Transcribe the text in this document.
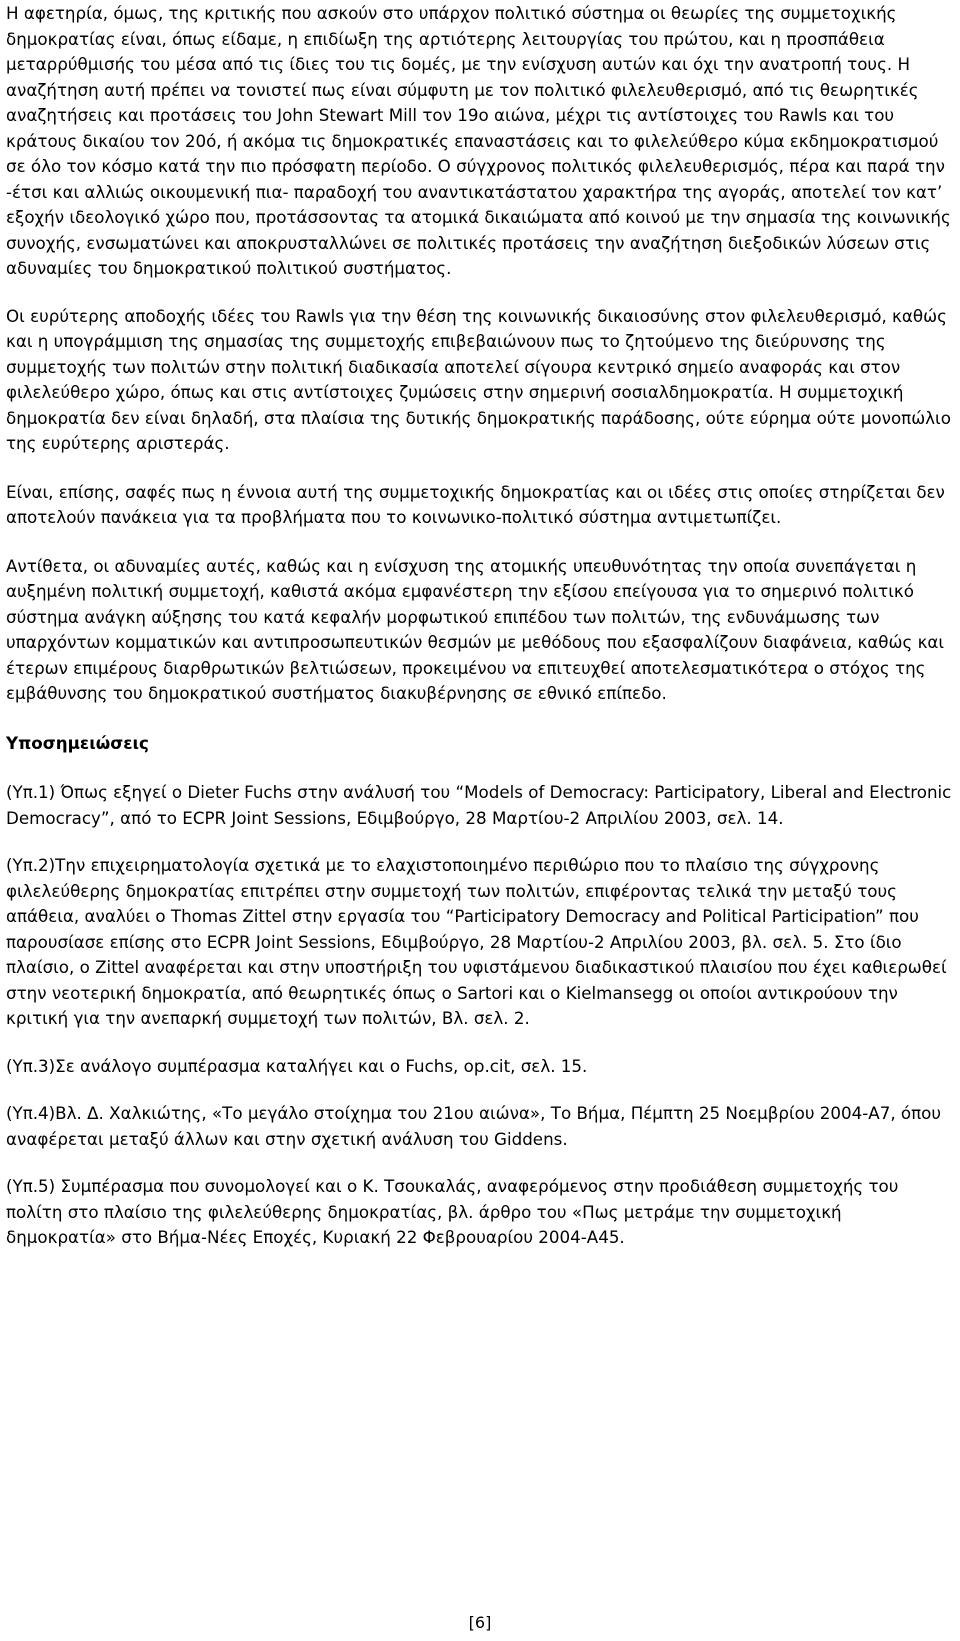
Η αφετηρία, όμως, της κριτικής που ασκούν στο υπάρχον πολιτικό σύστημα οι θεωρίες της συμμετοχικής δημοκρατίας είναι, όπως είδαμε, η επιδίωξη της αρτιότερης λειτουργίας του πρώτου, και η προσπάθεια μεταρρύθμισής του μέσα από τις ίδιες του τις δομές, με την ενίσχυση αυτών και όχι την ανατροπή τους. Η αναζήτηση αυτή πρέπει να τονιστεί πως είναι σύμφυτη με τον πολιτικό φιλελευθερισμό, από τις θεωρητικές αναζητήσεις και προτάσεις του John Stewart Mill τον 19ο αιώνα, μέχρι τις αντίστοιχες του Rawls και του κράτους δικαίου τον 20ό, ή ακόμα τις δημοκρατικές επαναστάσεις και το φιλελεύθερο κύμα εκδημοκρατισμού σε όλο τον κόσμο κατά την πιο πρόσφατη περίοδο. Ο σύγχρονος πολιτικός φιλελευθερισμός, πέρα και παρά την -έτσι και αλλιώς οικουμενική πια- παραδοχή του αναντικατάστατου χαρακτήρα της αγοράς, αποτελεί τον κατ’ εξοχήν ιδεολογικό χώρο που, προτάσσοντας τα ατομικά δικαιώματα από κοινού με την σημασία της κοινωνικής συνοχής, ενσωματώνει και αποκρυσταλλώνει σε πολιτικές προτάσεις την αναζήτηση διεξοδικών λύσεων στις αδυναμίες του δημοκρατικού πολιτικού συστήματος.

Οι ευρύτερης αποδοχής ιδέες του Rawls για την θέση της κοινωνικής δικαιοσύνης στον φιλελευθερισμό, καθώς και η υπογράμμιση της σημασίας της συμμετοχής επιβεβαιώνουν πως το ζητούμενο της διεύρυνσης της συμμετοχής των πολιτών στην πολιτική διαδικασία αποτελεί σίγουρα κεντρικό σημείο αναφοράς και στον φιλελεύθερο χώρο, όπως και στις αντίστοιχες ζυμώσεις στην σημερινή σοσιαλδημοκρατία. Η συμμετοχική δημοκρατία δεν είναι δηλαδή, στα πλαίσια της δυτικής δημοκρατικής παράδοσης, ούτε εύρημα ούτε μονοπώλιο της ευρύτερης αριστεράς.

Είναι, επίσης, σαφές πως η έννοια αυτή της συμμετοχικής δημοκρατίας και οι ιδέες στις οποίες στηρίζεται δεν αποτελούν πανάκεια για τα προβλήματα που το κοινωνικο-πολιτικό σύστημα αντιμετωπίζει.

Αντίθετα, οι αδυναμίες αυτές, καθώς και η ενίσχυση της ατομικής υπευθυνότητας την οποία συνεπάγεται η αυξημένη πολιτική συμμετοχή, καθιστά ακόμα εμφανέστερη την εξίσου επείγουσα για το σημερινό πολιτικό σύστημα ανάγκη αύξησης του κατά κεφαλήν μορφωτικού επιπέδου των πολιτών, της ενδυνάμωσης των υπαρχόντων κομματικών και αντιπροσωπευτικών θεσμών με μεθόδους που εξασφαλίζουν διαφάνεια, καθώς και έτερων επιμέρους διαρθρωτικών βελτιώσεων, προκειμένου να επιτευχθεί αποτελεσματικότερα ο στόχος της εμβάθυνσης του δημοκρατικού συστήματος διακυβέρνησης σε εθνικό επίπεδο.

Υποσημειώσεις

(Υπ.1) Όπως εξηγεί ο Dieter Fuchs στην ανάλυσή του “Models of Democracy: Participatory, Liberal and Electronic Democracy”, από το ECPR Joint Sessions, Εδιμβούργο, 28 Μαρτίου-2 Απριλίου 2003, σελ. 14.

(Υπ.2)Την επιχειρηματολογία σχετικά με το ελαχιστοποιημένο περιθώριο που το πλαίσιο της σύγχρονης φιλελεύθερης δημοκρατίας επιτρέπει στην συμμετοχή των πολιτών, επιφέροντας τελικά την μεταξύ τους απάθεια, αναλύει ο Thomas Zittel στην εργασία του “Participatory Democracy and Political Participation” που παρουσίασε επίσης στο ECPR Joint Sessions, Εδιμβούργο, 28 Μαρτίου-2 Απριλίου 2003, βλ. σελ. 5. Στο ίδιο πλαίσιο, ο Zittel αναφέρεται και στην υποστήριξη του υφιστάμενου διαδικαστικού πλαισίου που έχει καθιερωθεί στην νεοτερική δημοκρατία, από θεωρητικές όπως ο Sartori και ο Kielmansegg οι οποίοι αντικρούουν την κριτική για την ανεπαρκή συμμετοχή των πολιτών, Βλ. σελ. 2.

(Υπ.3)Σε ανάλογο συμπέρασμα καταλήγει και ο Fuchs, op.cit, σελ. 15.

(Υπ.4)Βλ. Δ. Χαλκιώτης, «Το μεγάλο στοίχημα του 21ου αιώνα», Το Βήμα, Πέμπτη 25 Νοεμβρίου 2004-Α7, όπου αναφέρεται μεταξύ άλλων και στην σχετική ανάλυση του Giddens.

(Υπ.5) Συμπέρασμα που συνομολογεί και ο Κ. Τσουκαλάς, αναφερόμενος στην προδιάθεση συμμετοχής του πολίτη στο πλαίσιο της φιλελεύθερης δημοκρατίας, βλ. άρθρο του «Πως μετράμε την συμμετοχική δημοκρατία» στο Βήμα-Νέες Εποχές, Κυριακή 22 Φεβρουαρίου 2004-Α45.

[6]
